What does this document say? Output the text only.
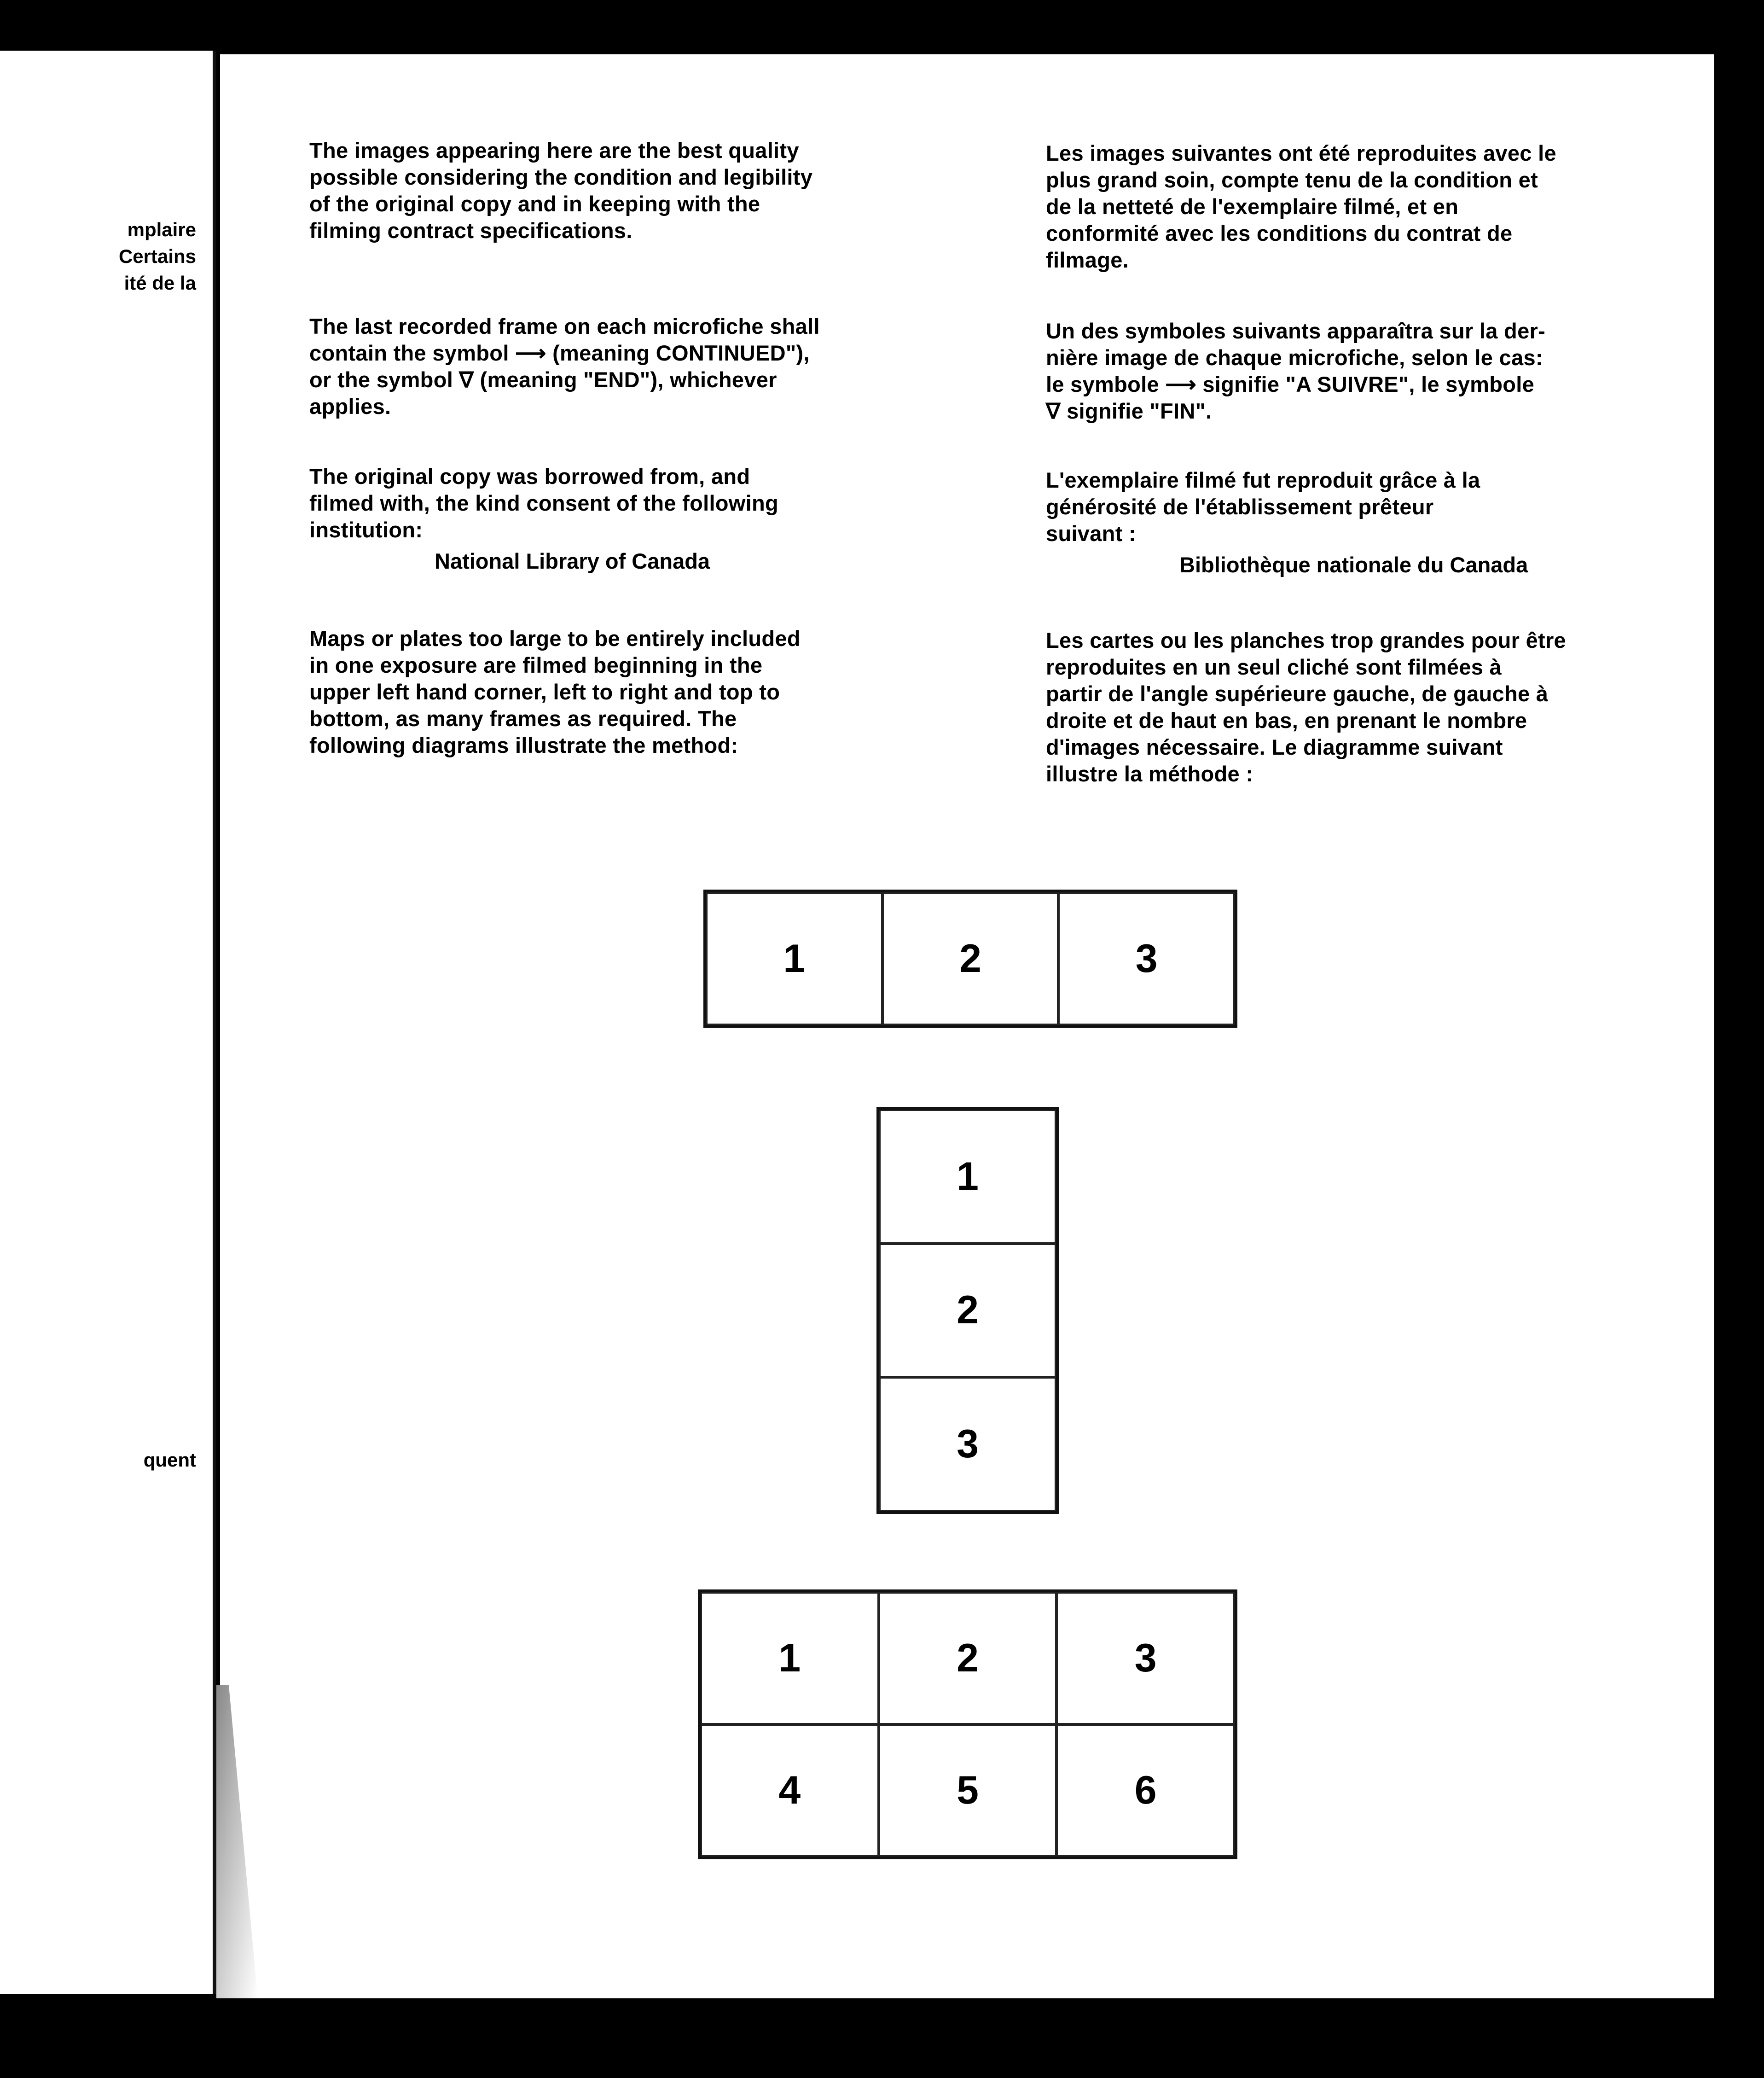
mplaire
Certains
ité de la
quent
The images appearing here are the best quality
possible considering the condition and legibility
of the original copy and in keeping with the
filming contract specifications.
The last recorded frame on each microfiche shall
contain the symbol ⟶ (meaning CONTINUED"),
or the symbol ∇ (meaning "END"), whichever
applies.
The original copy was borrowed from, and
filmed with, the kind consent of the following
institution:
National Library of Canada
Maps or plates too large to be entirely included
in one exposure are filmed beginning in the
upper left hand corner, left to right and top to
bottom, as many frames as required. The
following diagrams illustrate the method:
Les images suivantes ont été reproduites avec le
plus grand soin, compte tenu de la condition et
de la netteté de l'exemplaire filmé, et en
conformité avec les conditions du contrat de
filmage.
Un des symboles suivants apparaîtra sur la der-
nière image de chaque microfiche, selon le cas:
le symbole ⟶ signifie "A SUIVRE", le symbole
∇ signifie "FIN".
L'exemplaire filmé fut reproduit grâce à la
générosité de l'établissement prêteur
suivant :
Bibliothèque nationale du Canada
Les cartes ou les planches trop grandes pour être
reproduites en un seul cliché sont filmées à
partir de l'angle supérieure gauche, de gauche à
droite et de haut en bas, en prenant le nombre
d'images nécessaire. Le diagramme suivant
illustre la méthode :
1	2	3
1
2
3
1	2	3
4	5	6
